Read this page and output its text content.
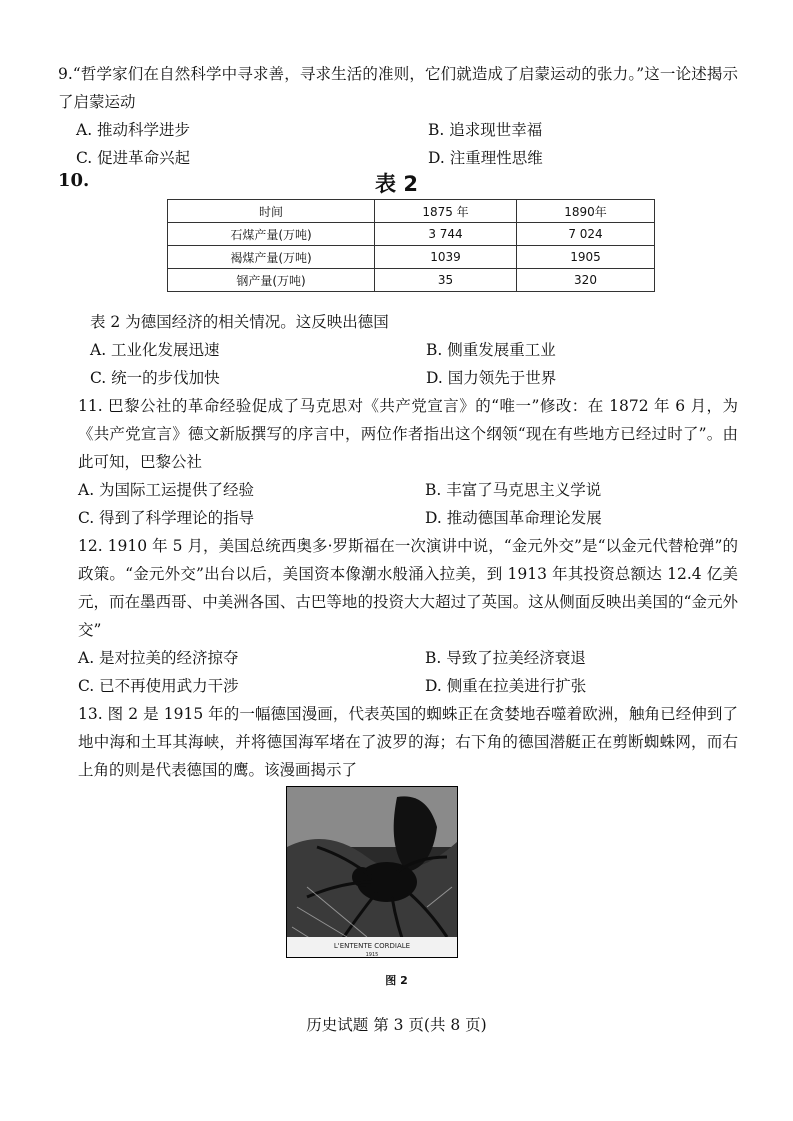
9.“哲学家们在自然科学中寻求善，寻求生活的准则，它们就造成了启蒙运动的张力。”这一论述揭示了启蒙运动

A. 推动科学进步	B. 追求现世幸福
C. 促进革命兴起	D. 注重理性思维
10.	表 2
时间	1875 年	1890年
石煤产量(万吨)	3 744	7 024
褐煤产量(万吨)	1039	1905
钢产量(万吨)	35	320

表 2 为德国经济的相关情况。这反映出德国

A. 工业化发展迅速	B. 侧重发展重工业
C. 统一的步伐加快	D. 国力领先于世界

11. 巴黎公社的革命经验促成了马克思对《共产党宣言》的“唯一”修改：在 1872 年 6 月，为《共产党宣言》德文新版撰写的序言中，两位作者指出这个纲领“现在有些地方已经过时了”。由此可知，巴黎公社

A. 为国际工运提供了经验	B. 丰富了马克思主义学说
C. 得到了科学理论的指导	D. 推动德国革命理论发展

12. 1910 年 5 月，美国总统西奥多·罗斯福在一次演讲中说，“金元外交”是“以金元代替枪弹”的政策。“金元外交”出台以后，美国资本像潮水般涌入拉美，到 1913 年其投资总额达 12.4 亿美元，而在墨西哥、中美洲各国、古巴等地的投资大大超过了英国。这从侧面反映出美国的“金元外交”

A. 是对拉美的经济掠夺	B. 导致了拉美经济衰退
C. 已不再使用武力干涉	D. 侧重在拉美进行扩张

13. 图 2 是 1915 年的一幅德国漫画，代表英国的蜘蛛正在贪婪地吞噬着欧洲，触角已经伸到了地中海和土耳其海峡，并将德国海军堵在了波罗的海；右下角的德国潜艇正在剪断蜘蛛网，而右上角的则是代表德国的鹰。该漫画揭示了

L'ENTENTE CORDIALE
1915
图 2
历史试题 第 3 页(共 8 页)
